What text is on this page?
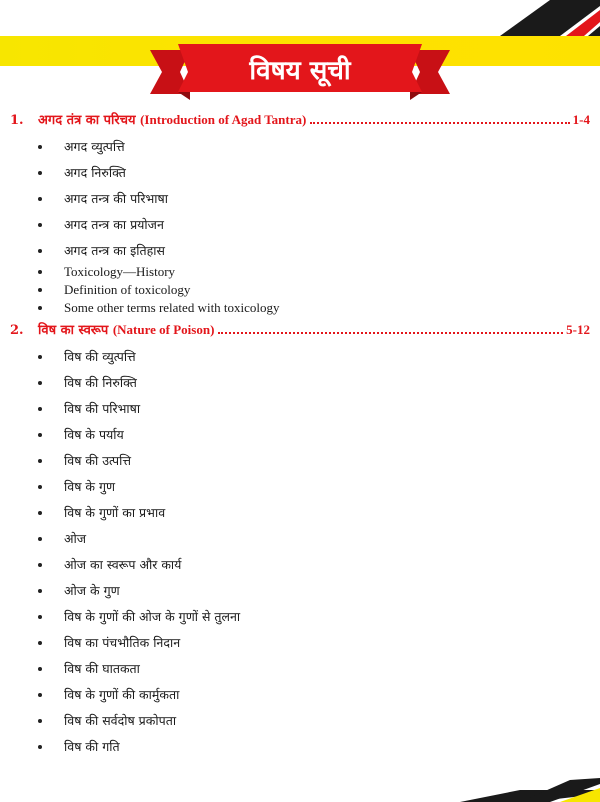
विषय सूची
1.	अगद तंत्र का परिचय (Introduction of Agad Tantra)	1-4
अगद व्युत्पत्ति
अगद निरुक्ति
अगद तन्त्र की परिभाषा
अगद तन्त्र का प्रयोजन
अगद तन्त्र का इतिहास
Toxicology—History
Definition of toxicology
Some other terms related with toxicology
2.	विष का स्वरूप (Nature of Poison)	5-12
विष की व्युत्पत्ति
विष की निरुक्ति
विष की परिभाषा
विष के पर्याय
विष की उत्पत्ति
विष के गुण
विष के गुणों का प्रभाव
ओज
ओज का स्वरूप और कार्य
ओज के गुण
विष के गुणों की ओज के गुणों से तुलना
विष का पंचभौतिक निदान
विष की घातकता
विष के गुणों की कार्मुकता
विष की सर्वदोष प्रकोपता
विष की गति
